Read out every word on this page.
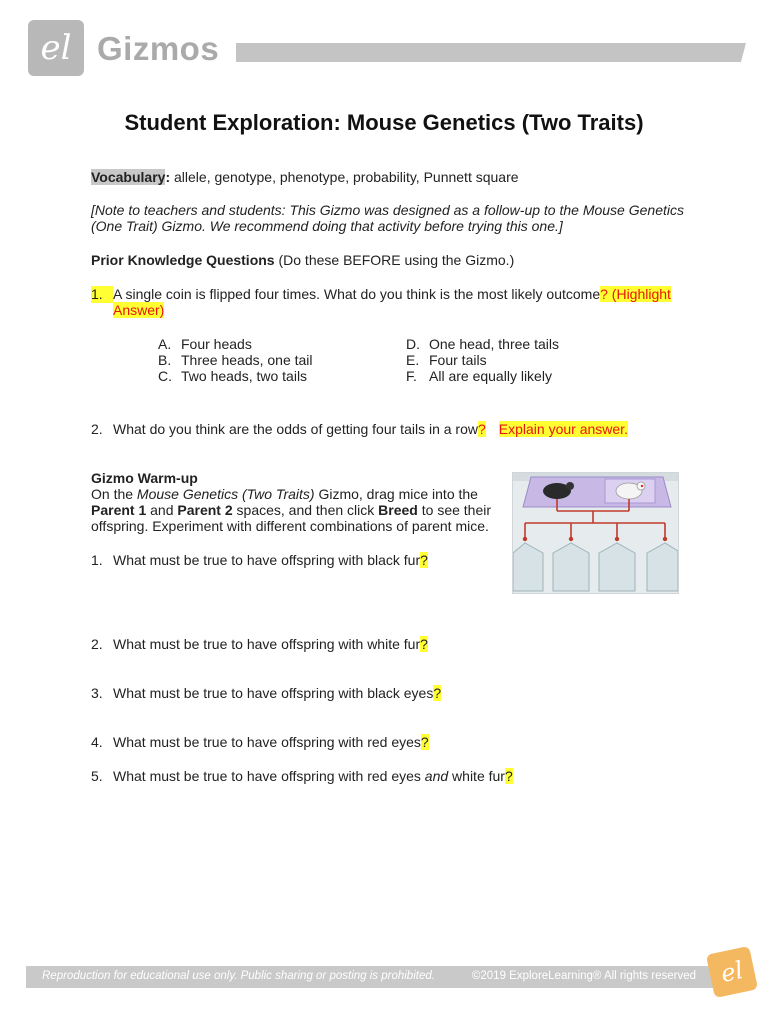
el Gizmos
Student Exploration: Mouse Genetics (Two Traits)
Vocabulary: allele, genotype, phenotype, probability, Punnett square
[Note to teachers and students: This Gizmo was designed as a follow-up to the Mouse Genetics
(One Trait) Gizmo. We recommend doing that activity before trying this one.]
Prior Knowledge Questions (Do these BEFORE using the Gizmo.)
1. A single coin is flipped four times. What do you think is the most likely outcome? (Highlight
Answer)
A. Four heads
B. Three heads, one tail
C. Two heads, two tails
D. One head, three tails
E. Four tails
F. All are equally likely
2. What do you think are the odds of getting four tails in a row? Explain your answer.
Gizmo Warm-up
On the Mouse Genetics (Two Traits) Gizmo, drag mice into the
Parent 1 and Parent 2 spaces, and then click Breed to see their
offspring. Experiment with different combinations of parent mice.
1. What must be true to have offspring with black fur?
2. What must be true to have offspring with white fur?
3. What must be true to have offspring with black eyes?
4. What must be true to have offspring with red eyes?
5. What must be true to have offspring with red eyes and white fur?
Reproduction for educational use only. Public sharing or posting is prohibited.	©2019 ExploreLearning® All rights reserved el
